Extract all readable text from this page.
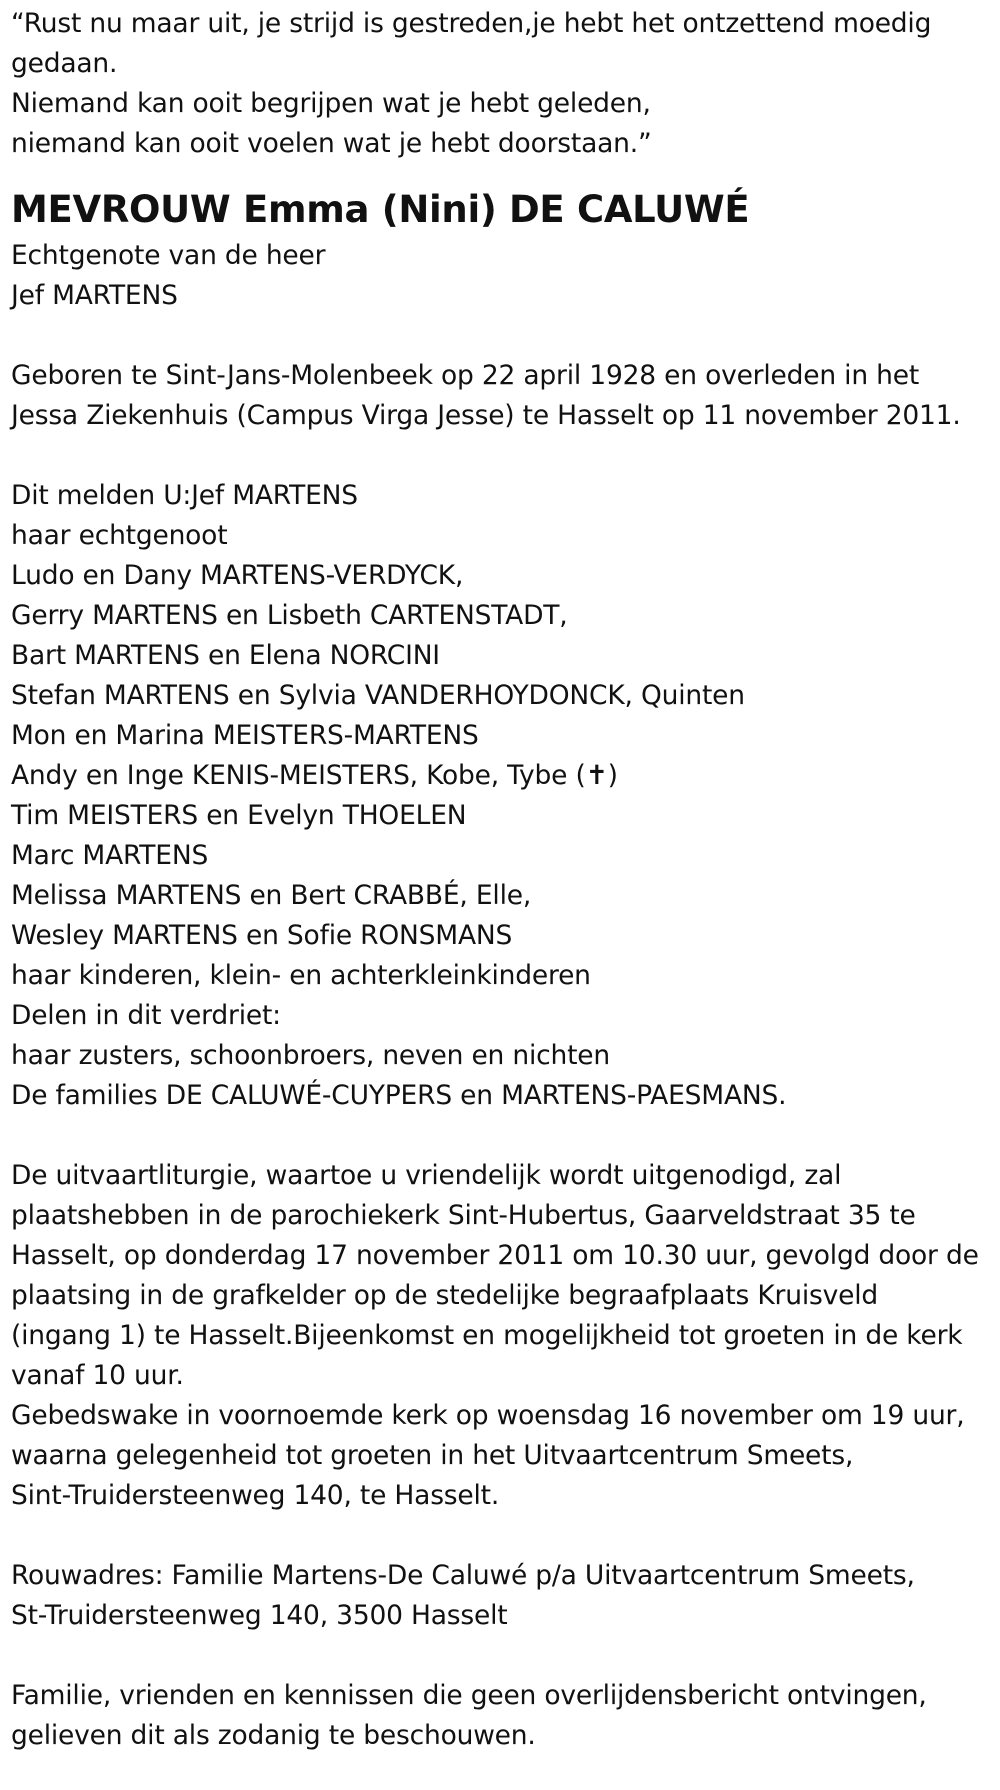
“Rust nu maar uit, je strijd is gestreden,je hebt het ontzettend moedig
gedaan.
Niemand kan ooit begrijpen wat je hebt geleden,
niemand kan ooit voelen wat je hebt doorstaan.”
MEVROUW Emma (Nini) DE CALUWÉ
Echtgenote van de heer
Jef MARTENS
Geboren te Sint-Jans-Molenbeek op 22 april 1928 en overleden in het
Jessa Ziekenhuis (Campus Virga Jesse) te Hasselt op 11 november 2011.
Dit melden U:Jef MARTENS
haar echtgenoot
Ludo en Dany MARTENS-VERDYCK,
Gerry MARTENS en Lisbeth CARTENSTADT,
Bart MARTENS en Elena NORCINI
Stefan MARTENS en Sylvia VANDERHOYDONCK, Quinten
Mon en Marina MEISTERS-MARTENS
Andy en Inge KENIS-MEISTERS, Kobe, Tybe (✝)
Tim MEISTERS en Evelyn THOELEN
Marc MARTENS
Melissa MARTENS en Bert CRABBÉ, Elle,
Wesley MARTENS en Sofie RONSMANS
haar kinderen, klein- en achterkleinkinderen
Delen in dit verdriet:
haar zusters, schoonbroers, neven en nichten
De families DE CALUWÉ-CUYPERS en MARTENS-PAESMANS.
De uitvaartliturgie, waartoe u vriendelijk wordt uitgenodigd, zal
plaatshebben in de parochiekerk Sint-Hubertus, Gaarveldstraat 35 te
Hasselt, op donderdag 17 november 2011 om 10.30 uur, gevolgd door de
plaatsing in de grafkelder op de stedelijke begraafplaats Kruisveld
(ingang 1) te Hasselt.Bijeenkomst en mogelijkheid tot groeten in de kerk
vanaf 10 uur.
Gebedswake in voornoemde kerk op woensdag 16 november om 19 uur,
waarna gelegenheid tot groeten in het Uitvaartcentrum Smeets,
Sint-Truidersteenweg 140, te Hasselt.
Rouwadres: Familie Martens-De Caluwé p/a Uitvaartcentrum Smeets,
St-Truidersteenweg 140, 3500 Hasselt
Familie, vrienden en kennissen die geen overlijdensbericht ontvingen,
gelieven dit als zodanig te beschouwen.
